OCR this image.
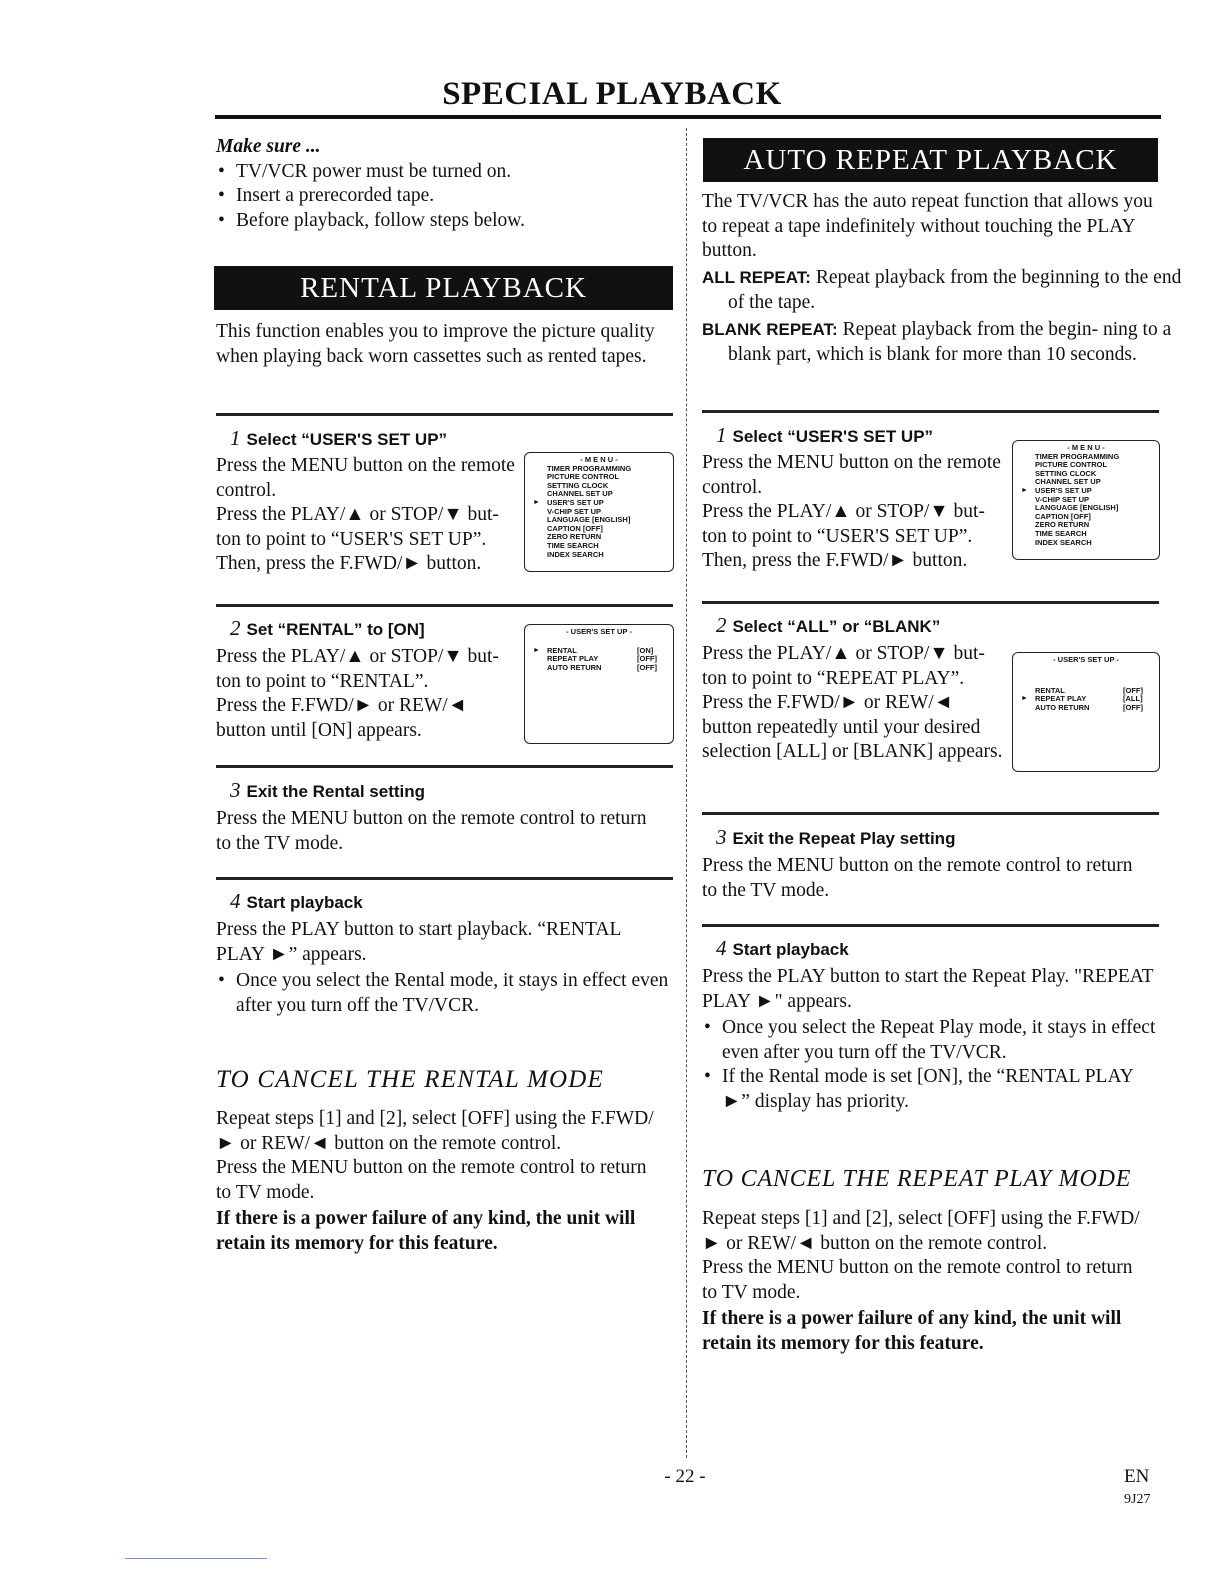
SPECIAL PLAYBACK
Make sure ...
• TV/VCR power must be turned on.
• Insert a prerecorded tape.
• Before playback, follow steps below.
RENTAL PLAYBACK
This function enables you to improve the picture quality when playing back worn cassettes such as rented tapes.
1 Select “USER'S SET UP”
Press the MENU button on the remote control.
Press the PLAY/▲ or STOP/▼ but- ton to point to “USER'S SET UP”.
Then, press the F.FWD/► button.
- M E N U -
TIMER PROGRAMMING
PICTURE CONTROL
SETTING CLOCK
CHANNEL SET UP
► USER'S SET UP
V-CHIP SET UP
LANGUAGE [ENGLISH]
CAPTION [OFF]
ZERO RETURN
TIME SEARCH
INDEX SEARCH
2 Set “RENTAL” to [ON]
Press the PLAY/▲ or STOP/▼ but- ton to point to “RENTAL”.
Press the F.FWD/► or REW/◄ button until [ON] appears.
- USER'S SET UP -
► RENTAL	[ON]
REPEAT PLAY	[OFF]
AUTO RETURN	[OFF]
3 Exit the Rental setting
Press the MENU button on the remote control to return to the TV mode.
4 Start playback
Press the PLAY button to start playback. “RENTAL PLAY ►” appears.
• Once you select the Rental mode, it stays in effect even after you turn off the TV/VCR.
TO CANCEL THE RENTAL MODE
Repeat steps [1] and [2], select [OFF] using the F.FWD/► or REW/◄ button on the remote control.
Press the MENU button on the remote control to return to TV mode.
If there is a power failure of any kind, the unit will retain its memory for this feature.
AUTO REPEAT PLAYBACK
The TV/VCR has the auto repeat function that allows you to repeat a tape indefinitely without touching the PLAY button.
ALL REPEAT: Repeat playback from the beginning to the end of the tape.
BLANK REPEAT: Repeat playback from the begin- ning to a blank part, which is blank for more than 10 seconds.
1 Select “USER'S SET UP”
Press the MENU button on the remote control.
Press the PLAY/▲ or STOP/▼ but- ton to point to “USER'S SET UP”.
Then, press the F.FWD/► button.
- M E N U -
TIMER PROGRAMMING
PICTURE CONTROL
SETTING CLOCK
CHANNEL SET UP
► USER'S SET UP
V-CHIP SET UP
LANGUAGE [ENGLISH]
CAPTION [OFF]
ZERO RETURN
TIME SEARCH
INDEX SEARCH
2 Select “ALL” or “BLANK”
Press the PLAY/▲ or STOP/▼ but- ton to point to “REPEAT PLAY”.
Press the F.FWD/► or REW/◄ button repeatedly until your desired selection [ALL] or [BLANK] appears.
- USER'S SET UP -
RENTAL	[OFF]
► REPEAT PLAY	[ALL]
AUTO RETURN	[OFF]
3 Exit the Repeat Play setting
Press the MENU button on the remote control to return to the TV mode.
4 Start playback
Press the PLAY button to start the Repeat Play. "REPEAT PLAY ►" appears.
• Once you select the Repeat Play mode, it stays in effect even after you turn off the TV/VCR.
• If the Rental mode is set [ON], the “RENTAL PLAY ►” display has priority.
TO CANCEL THE REPEAT PLAY MODE
Repeat steps [1] and [2], select [OFF] using the F.FWD/► or REW/◄ button on the remote control.
Press the MENU button on the remote control to return to TV mode.
If there is a power failure of any kind, the unit will retain its memory for this feature.
- 22 -	EN
9J27
